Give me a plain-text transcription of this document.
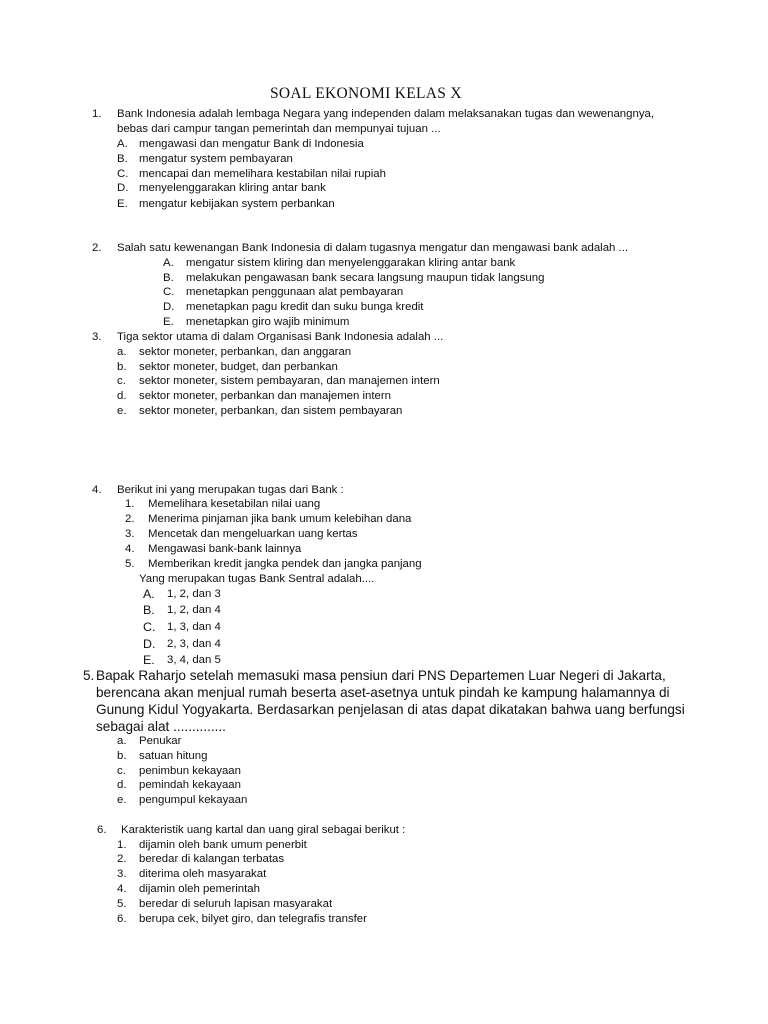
SOAL EKONOMI KELAS X
1. Bank Indonesia adalah lembaga Negara yang independen dalam melaksanakan tugas dan wewenangnya,
bebas dari campur tangan pemerintah dan mempunyai tujuan ...
A. mengawasi dan mengatur Bank di Indonesia
B. mengatur system pembayaran
C. mencapai dan memelihara kestabilan nilai rupiah
D. menyelenggarakan kliring antar bank
E. mengatur kebijakan system perbankan
2. Salah satu kewenangan Bank Indonesia di dalam tugasnya mengatur dan mengawasi bank adalah ...
A. mengatur sistem kliring dan menyelenggarakan kliring antar bank
B. melakukan pengawasan bank secara langsung maupun tidak langsung
C. menetapkan penggunaan alat pembayaran
D. menetapkan pagu kredit dan suku bunga kredit
E. menetapkan giro wajib minimum
3. Tiga sektor utama di dalam Organisasi Bank Indonesia adalah ...
a. sektor moneter, perbankan, dan anggaran
b. sektor moneter, budget, dan perbankan
c. sektor moneter, sistem pembayaran, dan manajemen intern
d. sektor moneter, perbankan dan manajemen intern
e. sektor moneter, perbankan, dan sistem pembayaran
4. Berikut ini yang merupakan tugas dari Bank :
1. Memelihara kesetabilan nilai uang
2. Menerima pinjaman jika bank umum kelebihan dana
3. Mencetak dan mengeluarkan uang kertas
4. Mengawasi bank-bank lainnya
5. Memberikan kredit jangka pendek dan jangka panjang
Yang merupakan tugas Bank Sentral adalah....
A. 1, 2, dan 3
B. 1, 2, dan 4
C. 1, 3, dan 4
D. 2, 3, dan 4
E. 3, 4, dan 5
5. Bapak Raharjo setelah memasuki masa pensiun dari PNS Departemen Luar Negeri di Jakarta,
berencana akan menjual rumah beserta aset-asetnya untuk pindah ke kampung halamannya di
Gunung Kidul Yogyakarta. Berdasarkan penjelasan di atas dapat dikatakan bahwa uang berfungsi
sebagai alat ..............
a. Penukar
b. satuan hitung
c. penimbun kekayaan
d. pemindah kekayaan
e. pengumpul kekayaan
6. Karakteristik uang kartal dan uang giral sebagai berikut :
1. dijamin oleh bank umum penerbit
2. beredar di kalangan terbatas
3. diterima oleh masyarakat
4. dijamin oleh pemerintah
5. beredar di seluruh lapisan masyarakat
6. berupa cek, bilyet giro, dan telegrafis transfer
